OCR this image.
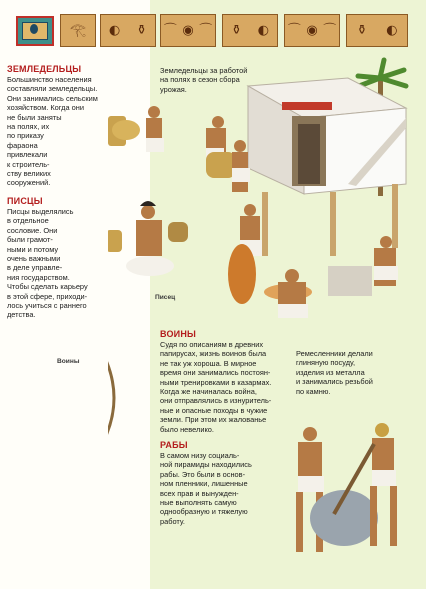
𓂀 ◐ ⚱ ⌒ ◉ ⌒ ⚱ ◐ ⌒ ◉ ⌒ ⚱ ◐
ЗЕМЛЕДЕЛЬЦЫ
Большинство населения
составляли земледельцы.
Они занимались сельским
хозяйством. Когда они
не были заняты
на полях, их
по приказу
фараона
привлекали
к строитель-
ству великих
сооружений.
Земледельцы за работой
на полях в сезон сбора
урожая.
ПИСЦЫ
Писцы выделялись
в отдельное
сословие. Они
были грамот-
ными и потому
очень важными
в деле управле-
ния государством.
Чтобы сделать карьеру
в этой сфере, приходи-
лось учиться с раннего
детства.
Писец
ВОИНЫ
Судя по описаниям в древних
папирусах, жизнь воинов была
не так уж хороша. В мирное
время они занимались постоян-
ными тренировками в казармах.
Когда же начиналась война,
они отправлялись в изнуритель-
ные и опасные походы в чужие
земли. При этом их жалованье
было невелико.
Воины
Ремесленники делали
глиняную посуду,
изделия из металла
и занимались резьбой
по камню.
РАБЫ
В самом низу социаль-
ной пирамиды находились
рабы. Это были в основ-
ном пленники, лишенные
всех прав и вынужден-
ные выполнять самую
однообразную и тяжелую
работу.
